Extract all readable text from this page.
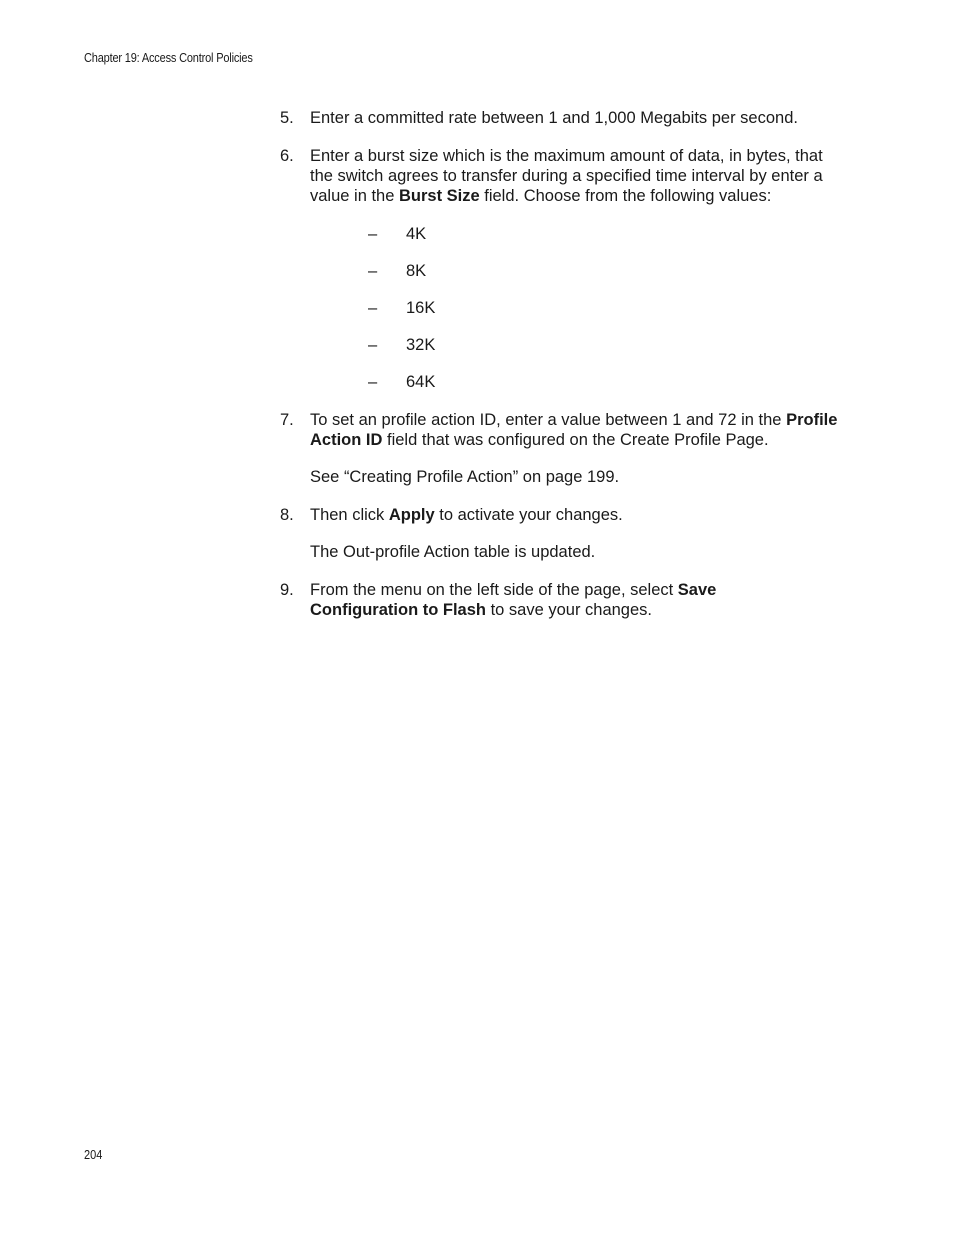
Chapter 19: Access Control Policies
5. Enter a committed rate between 1 and 1,000 Megabits per second.

6. Enter a burst size which is the maximum amount of data, in bytes, that the switch agrees to transfer during a specified time interval by enter a value in the Burst Size field. Choose from the following values:

– 4K
– 8K
– 16K
– 32K
– 64K
7. To set an profile action ID, enter a value between 1 and 72 in the Profile Action ID field that was configured on the Create Profile Page.

See “Creating Profile Action” on page 199.

8. Then click Apply to activate your changes.

The Out-profile Action table is updated.

9. From the menu on the left side of the page, select Save Configuration to Flash to save your changes.

204
